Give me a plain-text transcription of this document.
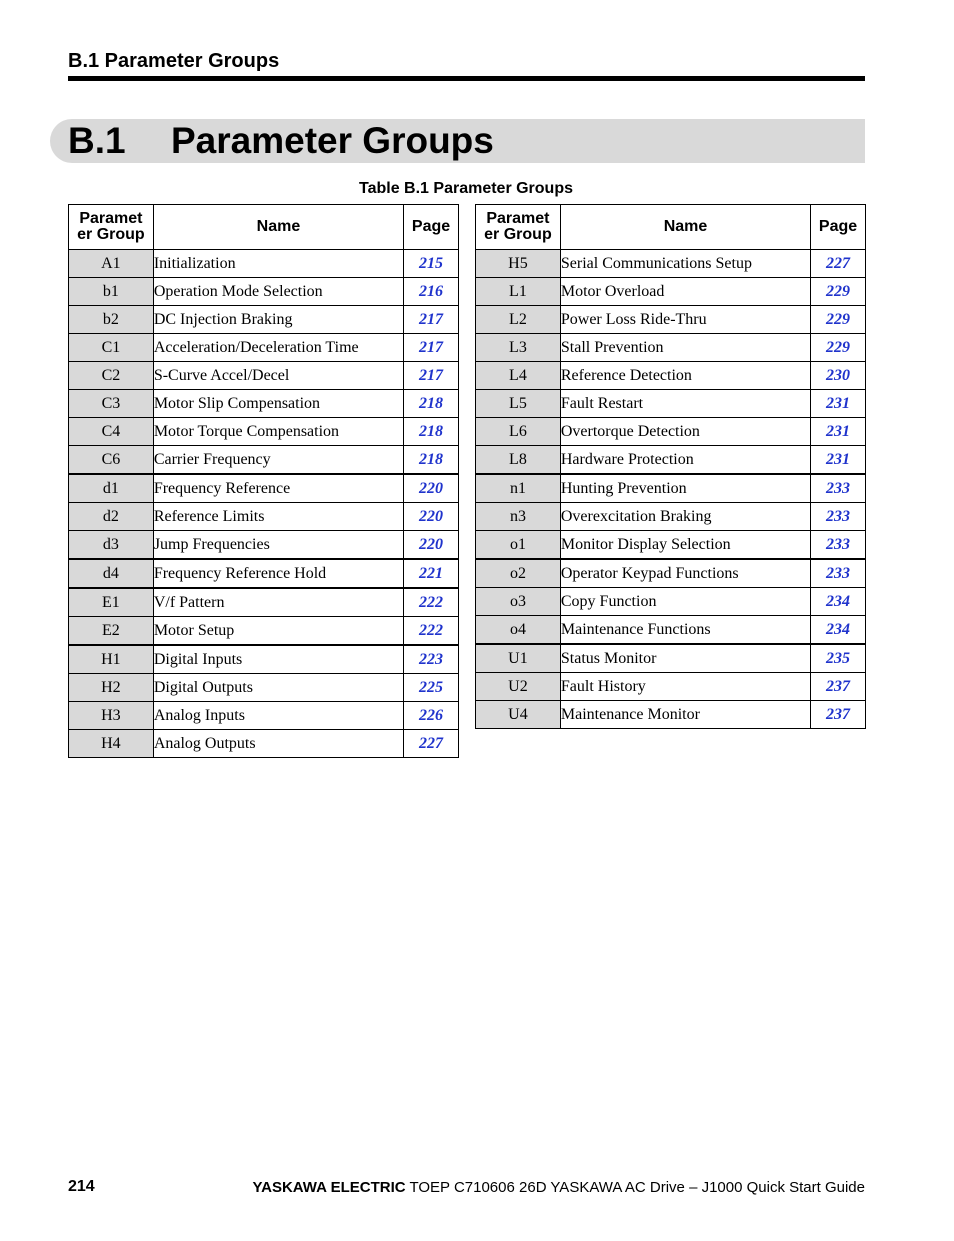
B.1 Parameter Groups
B.1 Parameter Groups
Table B.1 Parameter Groups
Paramet
er Group	Name	Page
A1	Initialization	215
b1	Operation Mode Selection	216
b2	DC Injection Braking	217
C1	Acceleration/Deceleration Time	217
C2	S-Curve Accel/Decel	217
C3	Motor Slip Compensation	218
C4	Motor Torque Compensation	218
C6	Carrier Frequency	218
d1	Frequency Reference	220
d2	Reference Limits	220
d3	Jump Frequencies	220
d4	Frequency Reference Hold	221
E1	V/f Pattern	222
E2	Motor Setup	222
H1	Digital Inputs	223
H2	Digital Outputs	225
H3	Analog Inputs	226
H4	Analog Outputs	227
Paramet
er Group	Name	Page
H5	Serial Communications Setup	227
L1	Motor Overload	229
L2	Power Loss Ride-Thru	229
L3	Stall Prevention	229
L4	Reference Detection	230
L5	Fault Restart	231
L6	Overtorque Detection	231
L8	Hardware Protection	231
n1	Hunting Prevention	233
n3	Overexcitation Braking	233
o1	Monitor Display Selection	233
o2	Operator Keypad Functions	233
o3	Copy Function	234
o4	Maintenance Functions	234
U1	Status Monitor	235
U2	Fault History	237
U4	Maintenance Monitor	237
214	YASKAWA ELECTRIC TOEP C710606 26D YASKAWA AC Drive – J1000 Quick Start Guide
